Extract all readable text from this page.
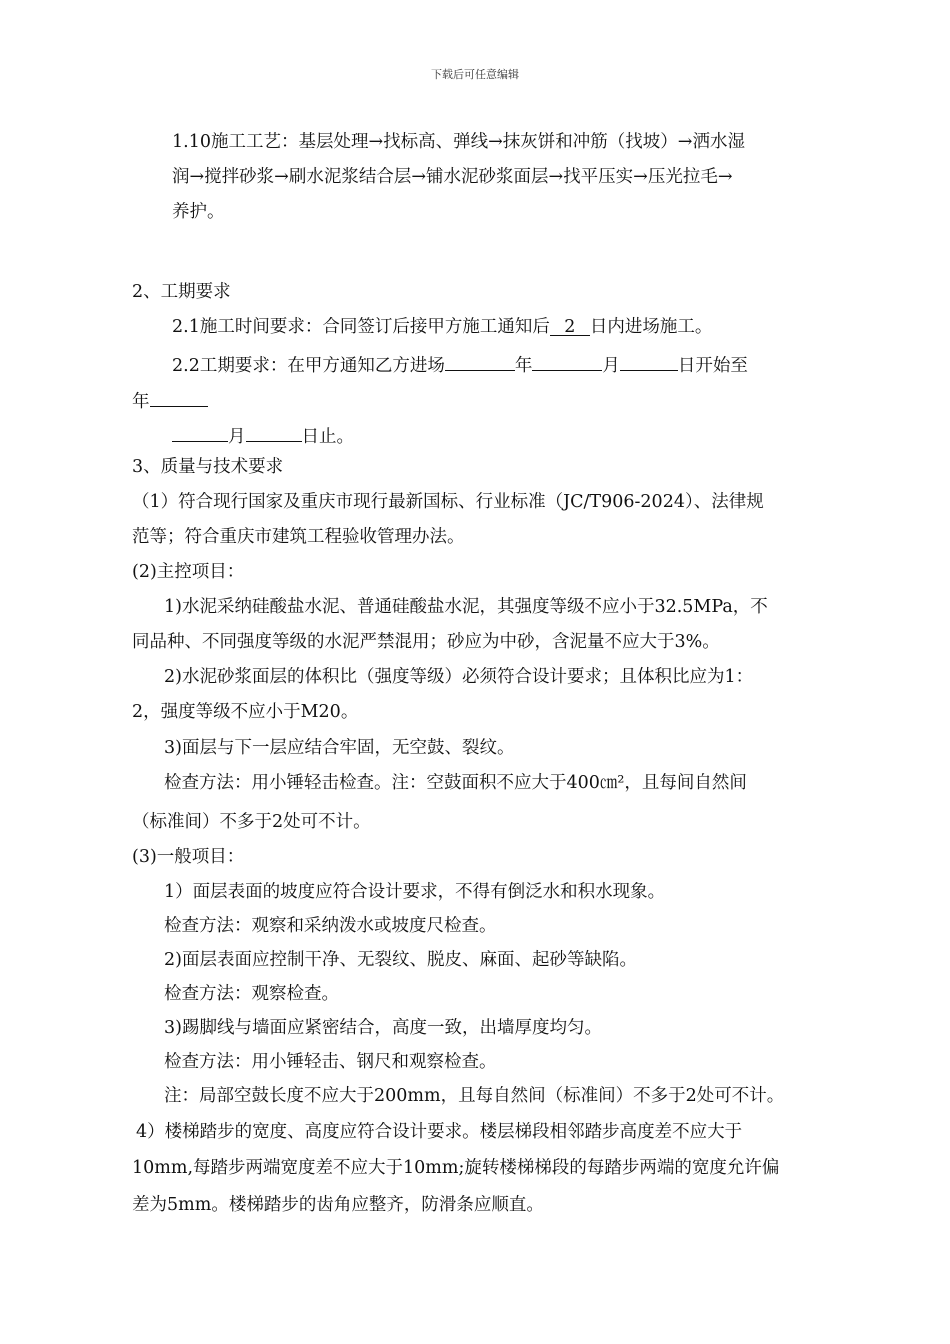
下载后可任意编辑
1.10施工工艺：基层处理→找标高、弹线→抹灰饼和冲筋（找坡）→洒水湿
润→搅拌砂浆→刷水泥浆结合层→铺水泥砂浆面层→找平压实→压光拉毛→
养护。
2、工期要求
2.1施工时间要求：合同签订后接甲方施工通知后 2 日内进场施工。
2.2工期要求：在甲方通知乙方进场	年	月	日开始至
年
月	日止。
3、质量与技术要求
（1）符合现行国家及重庆市现行最新国标、行业标准（JC/T906-2024）、法律规
范等；符合重庆市建筑工程验收管理办法。
(2)主控项目：
1)水泥采纳硅酸盐水泥、普通硅酸盐水泥，其强度等级不应小于32.5MPa，不
同品种、不同强度等级的水泥严禁混用；砂应为中砂，含泥量不应大于3%。
2)水泥砂浆面层的体积比（强度等级）必须符合设计要求；且体积比应为1：
2，强度等级不应小于M20。
3)面层与下一层应结合牢固，无空鼓、裂纹。
检查方法：用小锤轻击检查。注：空鼓面积不应大于400㎝²，且每间自然间
（标准间）不多于2处可不计。
(3)一般项目：
1）面层表面的坡度应符合设计要求，不得有倒泛水和积水现象。
检查方法：观察和采纳泼水或坡度尺检查。
2)面层表面应控制干净、无裂纹、脱皮、麻面、起砂等缺陷。
检查方法：观察检查。
3)踢脚线与墙面应紧密结合，高度一致，出墙厚度均匀。
检查方法：用小锤轻击、钢尺和观察检查。
注：局部空鼓长度不应大于200mm，且每自然间（标准间）不多于2处可不计。
4）楼梯踏步的宽度、高度应符合设计要求。楼层梯段相邻踏步高度差不应大于
10mm,每踏步两端宽度差不应大于10mm;旋转楼梯梯段的每踏步两端的宽度允许偏
差为5mm。楼梯踏步的齿角应整齐，防滑条应顺直。
